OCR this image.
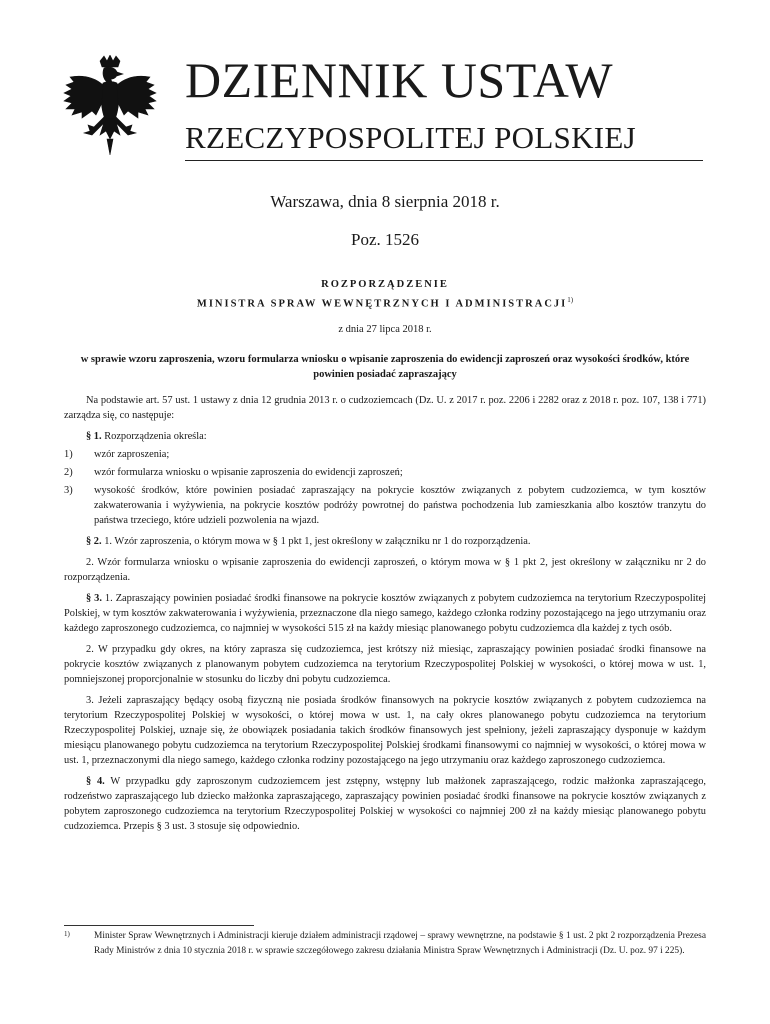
DZIENNIK USTAW
RZECZYPOSPOLITEJ POLSKIEJ
Warszawa, dnia 8 sierpnia 2018 r.
Poz. 1526
ROZPORZĄDZENIE
MINISTRA SPRAW WEWNĘTRZNYCH I ADMINISTRACJI$^{1)}$
z dnia 27 lipca 2018 r.
w sprawie wzoru zaproszenia, wzoru formularza wniosku o wpisanie zaproszenia do ewidencji zaproszeń oraz wysokości środków, które powinien posiadać zapraszający

Na podstawie art. 57 ust. 1 ustawy z dnia 12 grudnia 2013 r. o cudzoziemcach (Dz. U. z 2017 r. poz. 2206 i 2282 oraz z 2018 r. poz. 107, 138 i 771) zarządza się, co następuje:

§ 1. Rozporządzenia określa:

1) wzór zaproszenia;
2) wzór formularza wniosku o wpisanie zaproszenia do ewidencji zaproszeń;
3) wysokość środków, które powinien posiadać zapraszający na pokrycie kosztów związanych z pobytem cudzoziemca, w tym kosztów zakwaterowania i wyżywienia, na pokrycie kosztów podróży powrotnej do państwa pochodzenia lub zamieszkania albo kosztów tranzytu do państwa trzeciego, które udzieli pozwolenia na wjazd.

§ 2. 1. Wzór zaproszenia, o którym mowa w § 1 pkt 1, jest określony w załączniku nr 1 do rozporządzenia.

2. Wzór formularza wniosku o wpisanie zaproszenia do ewidencji zaproszeń, o którym mowa w § 1 pkt 2, jest określony w załączniku nr 2 do rozporządzenia.

§ 3. 1. Zapraszający powinien posiadać środki finansowe na pokrycie kosztów związanych z pobytem cudzoziemca na terytorium Rzeczypospolitej Polskiej, w tym kosztów zakwaterowania i wyżywienia, przeznaczone dla niego samego, każdego członka rodziny pozostającego na jego utrzymaniu oraz każdego zaproszonego cudzoziemca, co najmniej w wysokości 515 zł na każdy miesiąc planowanego pobytu cudzoziemca dla każdej z tych osób.

2. W przypadku gdy okres, na który zaprasza się cudzoziemca, jest krótszy niż miesiąc, zapraszający powinien posiadać środki finansowe na pokrycie kosztów związanych z planowanym pobytem cudzoziemca na terytorium Rzeczypospolitej Polskiej w wysokości, o której mowa w ust. 1, pomniejszonej proporcjonalnie w stosunku do liczby dni pobytu cudzoziemca.

3. Jeżeli zapraszający będący osobą fizyczną nie posiada środków finansowych na pokrycie kosztów związanych z pobytem cudzoziemca na terytorium Rzeczypospolitej Polskiej w wysokości, o której mowa w ust. 1, na cały okres planowanego pobytu cudzoziemca na terytorium Rzeczypospolitej Polskiej, uznaje się, że obowiązek posiadania takich środków finansowych jest spełniony, jeżeli zapraszający dysponuje w każdym miesiącu planowanego pobytu cudzoziemca na terytorium Rzeczypospolitej Polskiej środkami finansowymi co najmniej w wysokości, o której mowa w ust. 1, przeznaczonymi dla niego samego, każdego członka rodziny pozostającego na jego utrzymaniu oraz każdego zaproszonego cudzoziemca.

§ 4. W przypadku gdy zaproszonym cudzoziemcem jest zstępny, wstępny lub małżonek zapraszającego, rodzic małżonka zapraszającego, rodzeństwo zapraszającego lub dziecko małżonka zapraszającego, zapraszający powinien posiadać środki finansowe na pokrycie kosztów związanych z pobytem zaproszonego cudzoziemca na terytorium Rzeczypospolitej Polskiej w wysokości co najmniej 200 zł na każdy miesiąc planowanego pobytu cudzoziemca. Przepis § 3 ust. 3 stosuje się odpowiednio.

1)	Minister Spraw Wewnętrznych i Administracji kieruje działem administracji rządowej – sprawy wewnętrzne, na podstawie § 1 ust. 2 pkt 2 rozporządzenia Prezesa Rady Ministrów z dnia 10 stycznia 2018 r. w sprawie szczegółowego zakresu działania Ministra Spraw Wewnętrznych i Administracji (Dz. U. poz. 97 i 225).
